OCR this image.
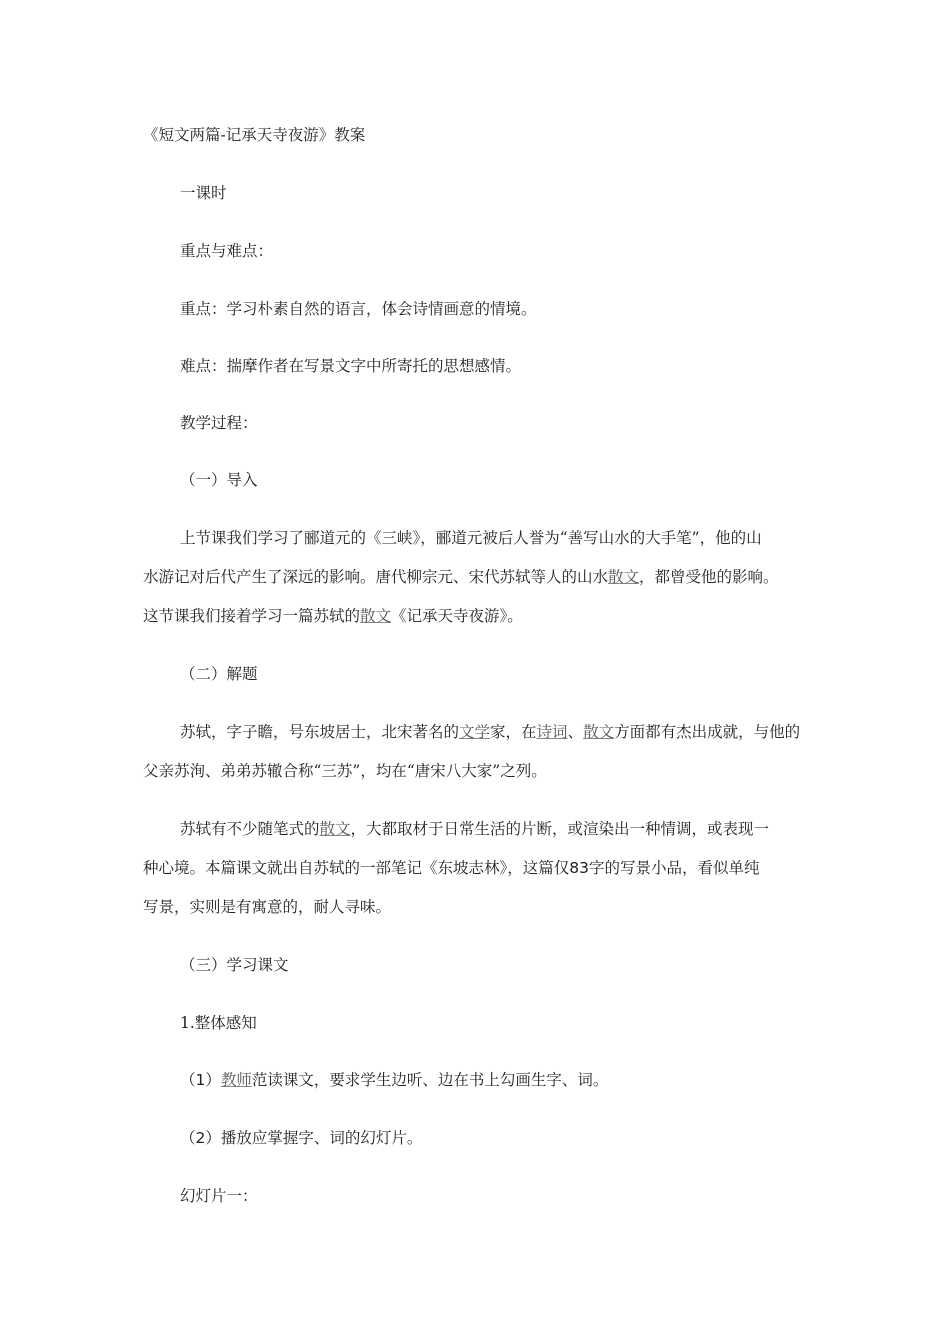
《短文两篇-记承天寺夜游》教案
一课时
重点与难点：
重点：学习朴素自然的语言，体会诗情画意的情境。
难点：揣摩作者在写景文字中所寄托的思想感情。
教学过程：
（一）导入
上节课我们学习了郦道元的《三峡》，郦道元被后人誉为“善写山水的大手笔”，他的山
水游记对后代产生了深远的影响。唐代柳宗元、宋代苏轼等人的山水散文，都曾受他的影响。
这节课我们接着学习一篇苏轼的散文《记承天寺夜游》。
（二）解题
苏轼，字子瞻，号东坡居士，北宋著名的文学家，在诗词、散文方面都有杰出成就，与他的
父亲苏洵、弟弟苏辙合称“三苏”，均在“唐宋八大家”之列。
苏轼有不少随笔式的散文，大都取材于日常生活的片断，或渲染出一种情调，或表现一
种心境。本篇课文就出自苏轼的一部笔记《东坡志林》，这篇仅83字的写景小品，看似单纯
写景，实则是有寓意的，耐人寻味。
（三）学习课文
1.整体感知
（1）教师范读课文，要求学生边听、边在书上勾画生字、词。
（2）播放应掌握字、词的幻灯片。
幻灯片一：
